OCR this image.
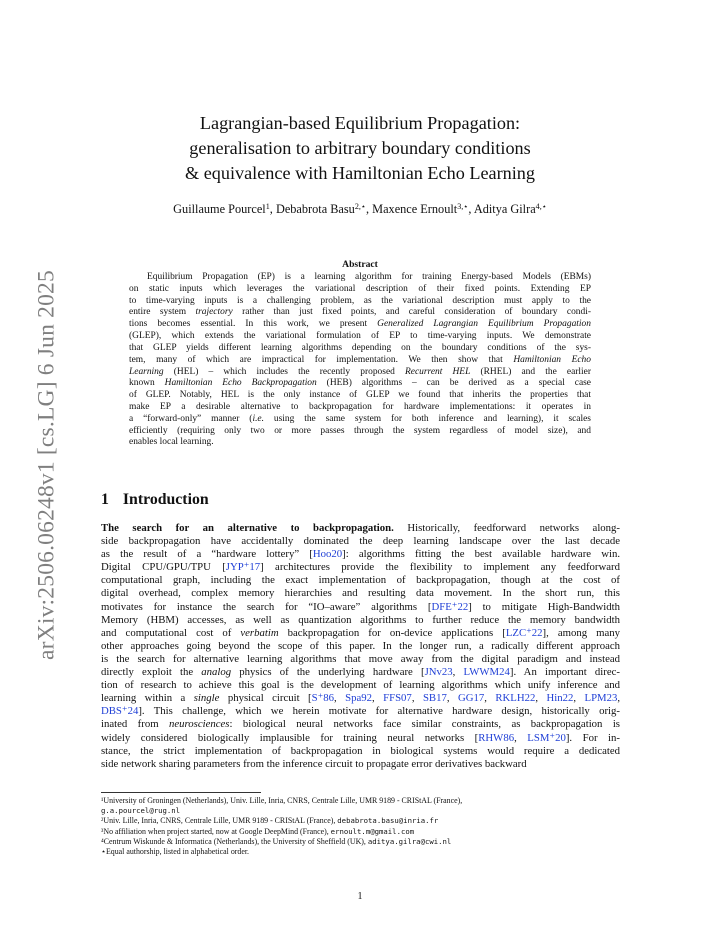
arXiv:2506.06248v1 [cs.LG] 6 Jun 2025
Lagrangian-based Equilibrium Propagation:
generalisation to arbitrary boundary conditions
& equivalence with Hamiltonian Echo Learning
Guillaume Pourcel$^1$, Debabrota Basu$^{2,⋆}$, Maxence Ernoult$^{3,⋆}$, Aditya Gilra$^{4,⋆}$
Abstract
Equilibrium Propagation (EP) is a learning algorithm for training Energy-based Models (EBMs)
on static inputs which leverages the variational description of their fixed points. Extending EP
to time-varying inputs is a challenging problem, as the variational description must apply to the
entire system trajectory rather than just fixed points, and careful consideration of boundary condi-
tions becomes essential. In this work, we present Generalized Lagrangian Equilibrium Propagation
(GLEP), which extends the variational formulation of EP to time-varying inputs. We demonstrate
that GLEP yields different learning algorithms depending on the boundary conditions of the sys-
tem, many of which are impractical for implementation. We then show that Hamiltonian Echo
Learning (HEL) – which includes the recently proposed Recurrent HEL (RHEL) and the earlier
known Hamiltonian Echo Backpropagation (HEB) algorithms – can be derived as a special case
of GLEP. Notably, HEL is the only instance of GLEP we found that inherits the properties that
make EP a desirable alternative to backpropagation for hardware implementations: it operates in
a “forward-only” manner (i.e. using the same system for both inference and learning), it scales
efficiently (requiring only two or more passes through the system regardless of model size), and
enables local learning.
1 Introduction
The search for an alternative to backpropagation. Historically, feedforward networks along-
side backpropagation have accidentally dominated the deep learning landscape over the last decade
as the result of a “hardware lottery” [Hoo20]: algorithms fitting the best available hardware win.
Digital CPU/GPU/TPU [JYP⁺17] architectures provide the flexibility to implement any feedforward
computational graph, including the exact implementation of backpropagation, though at the cost of
digital overhead, complex memory hierarchies and resulting data movement. In the short run, this
motivates for instance the search for “IO–aware” algorithms [DFE⁺22] to mitigate High-Bandwidth
Memory (HBM) accesses, as well as quantization algorithms to further reduce the memory bandwidth
and computational cost of verbatim backpropagation for on-device applications [LZC⁺22], among many
other approaches going beyond the scope of this paper. In the longer run, a radically different approach
is the search for alternative learning algorithms that move away from the digital paradigm and instead
directly exploit the analog physics of the underlying hardware [JNv23, LWWM24]. An important direc-
tion of research to achieve this goal is the development of learning algorithms which unify inference and
learning within a single physical circuit [S⁺86, Spa92, FFS07, SB17, GG17, RKLH22, Hin22, LPM23,
DBS⁺24]. This challenge, which we herein motivate for alternative hardware design, historically orig-
inated from neurosciences: biological neural networks face similar constraints, as backpropagation is
widely considered biologically implausible for training neural networks [RHW86, LSM⁺20]. For in-
stance, the strict implementation of backpropagation in biological systems would require a dedicated
side network sharing parameters from the inference circuit to propagate error derivatives backward
¹University of Groningen (Netherlands), Univ. Lille, Inria, CNRS, Centrale Lille, UMR 9189 - CRIStAL (France),
g.a.pourcel@rug.nl
²Univ. Lille, Inria, CNRS, Centrale Lille, UMR 9189 - CRIStAL (France), debabrota.basu@inria.fr
³No affiliation when project started, now at Google DeepMind (France), ernoult.m@gmail.com
⁴Centrum Wiskunde & Informatica (Netherlands), the University of Sheffield (UK), aditya.gilra@cwi.nl
⋆Equal authorship, listed in alphabetical order.
1
